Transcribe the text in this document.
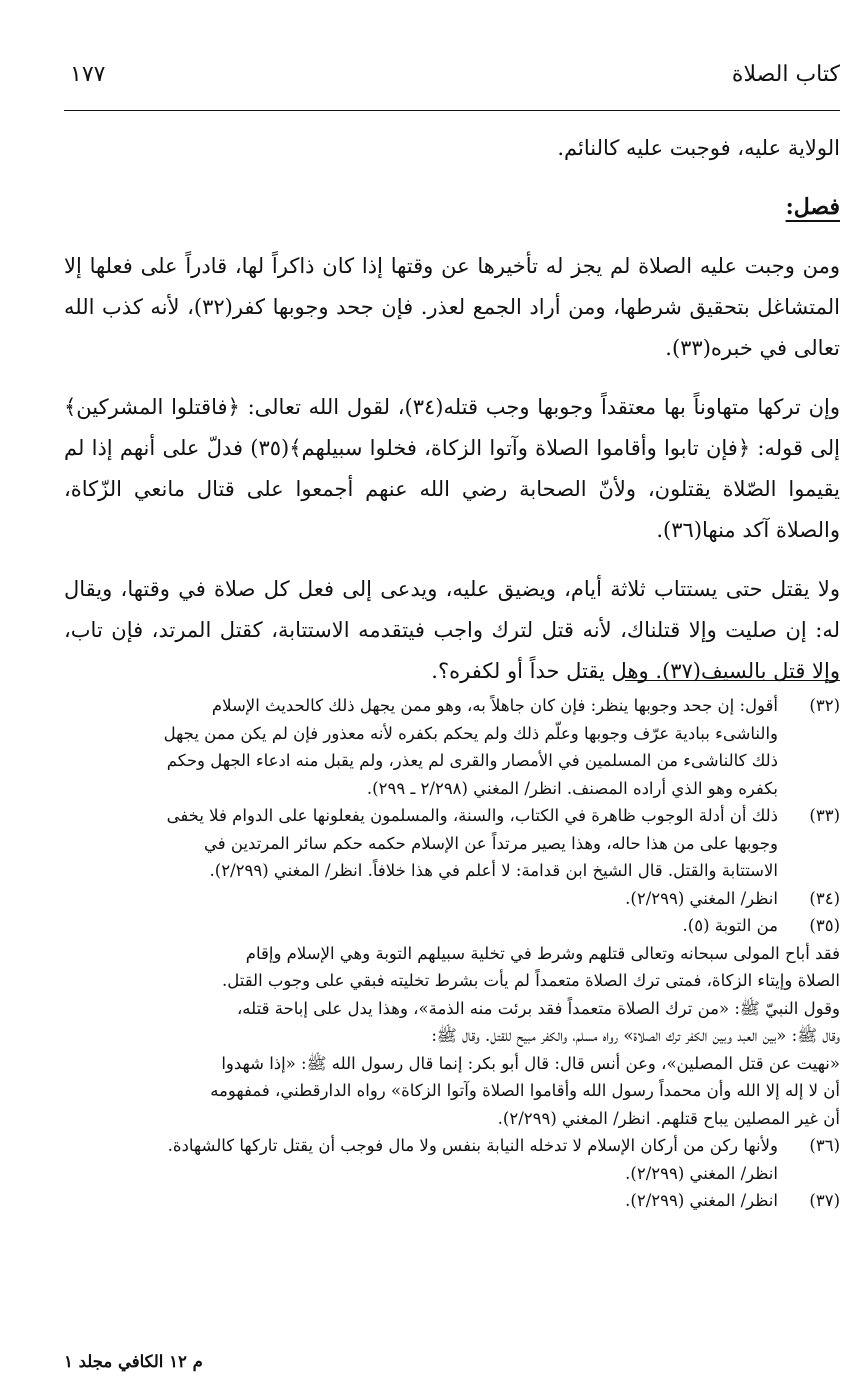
كتاب الصلاة
١٧٧

الولاية عليه، فوجبت عليه كالنائم.

فصل:

ومن وجبت عليه الصلاة لم يجز له تأخيرها عن وقتها إذا كان ذاكراً لها، قادراً على فعلها إلا المتشاغل بتحقيق شرطها، ومن أراد الجمع لعذر. فإن جحد وجوبها كفر(٣٢)، لأنه كذب الله تعالى في خبره(٣٣).

وإن تركها متهاوناً بها معتقداً وجوبها وجب قتله(٣٤)، لقول الله تعالى: ﴿فاقتلوا المشركين﴾ إلى قوله: ﴿فإن تابوا وأقاموا الصلاة وآتوا الزكاة، فخلوا سبيلهم﴾(٣٥) فدلّ على أنهم إذا لم يقيموا الصّلاة يقتلون، ولأنّ الصحابة رضي الله عنهم أجمعوا على قتال مانعي الزّكاة، والصلاة آكد منها(٣٦).

ولا يقتل حتى يستتاب ثلاثة أيام، ويضيق عليه، ويدعى إلى فعل كل صلاة في وقتها، ويقال له: إن صليت وإلا قتلناك، لأنه قتل لترك واجب فيتقدمه الاستتابة، كقتل المرتد، فإن تاب، وإلا قتل بالسيف(٣٧). وهل يقتل حداً أو لكفره؟.

(٣٢)
أقول: إن جحد وجوبها ينظر: فإن كان جاهلاً به، وهو ممن يجهل ذلك كالحديث الإسلام
والناشىء ببادية عرّف وجوبها وعلّم ذلك ولم يحكم بكفره لأنه معذور فإن لم يكن ممن يجهل
ذلك كالناشىء من المسلمين في الأمصار والقرى لم يعذر، ولم يقبل منه ادعاء الجهل وحكم
بكفره وهو الذي أراده المصنف. انظر/ المغني (٢/٢٩٨ ـ ٢٩٩).
(٣٣)
ذلك أن أدلة الوجوب ظاهرة في الكتاب، والسنة، والمسلمون يفعلونها على الدوام فلا يخفى
وجوبها على من هذا حاله، وهذا يصير مرتداً عن الإسلام حكمه حكم سائر المرتدين في
الاستتابة والقتل. قال الشيخ ابن قدامة: لا أعلم في هذا خلافاً. انظر/ المغني (٢/٢٩٩).
(٣٤)
انظر/ المغني (٢/٢٩٩).
(٣٥)
من التوبة (٥).
فقد أباح المولى سبحانه وتعالى قتلهم وشرط في تخلية سبيلهم التوبة وهي الإسلام وإقام
الصلاة وإيتاء الزكاة، فمتى ترك الصلاة متعمداً لم يأت بشرط تخليته فبقي على وجوب القتل.
وقول النبيّ ﷺ: «من ترك الصلاة متعمداً فقد برئت منه الذمة»، وهذا يدل على إباحة قتله،
وقال ﷺ: «بين العبد وبين الكفر ترك الصلاة» رواه مسلم، والكفر مبيح للقتل. وقال ﷺ:
«نهيت عن قتل المصلين»، وعن أنس قال: قال أبو بكر: إنما قال رسول الله ﷺ: «إذا شهدوا
أن لا إله إلا الله وأن محمداً رسول الله وأقاموا الصلاة وآتوا الزكاة» رواه الدارقطني، فمفهومه
أن غير المصلين يباح قتلهم. انظر/ المغني (٢/٢٩٩).
(٣٦)
ولأنها ركن من أركان الإسلام لا تدخله النيابة بنفس ولا مال فوجب أن يقتل تاركها كالشهادة.
انظر/ المغني (٢/٢٩٩).
(٣٧)
انظر/ المغني (٢/٢٩٩).
م ١٢ الكافي مجلد ١
